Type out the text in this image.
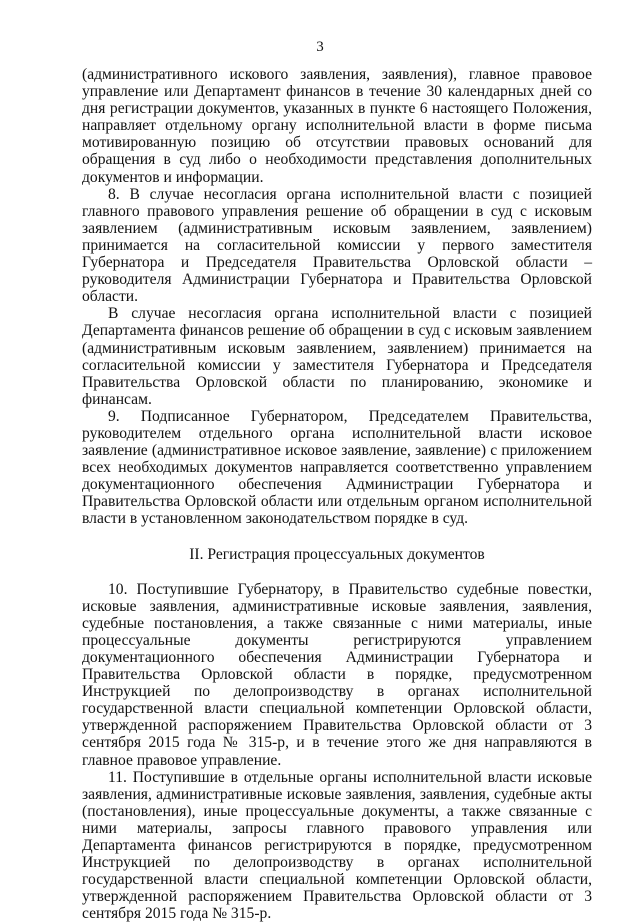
3

(административного искового заявления, заявления), главное правовое управление или Департамент финансов в течение 30 календарных дней со дня регистрации документов, указанных в пункте 6 настоящего Положения, направляет отдельному органу исполнительной власти в форме письма мотивированную позицию об отсутствии правовых оснований для обращения в суд либо о необходимости представления дополнительных документов и информации.

8. В случае несогласия органа исполнительной власти с позицией главного правового управления решение об обращении в суд с исковым заявлением (административным исковым заявлением, заявлением) принимается на согласительной комиссии у первого заместителя Губернатора и Председателя Правительства Орловской области – руководителя Администрации Губернатора и Правительства Орловской области.

В случае несогласия органа исполнительной власти с позицией Департамента финансов решение об обращении в суд с исковым заявлением (административным исковым заявлением, заявлением) принимается на согласительной комиссии у заместителя Губернатора и Председателя Правительства Орловской области по планированию, экономике и финансам.

9. Подписанное Губернатором, Председателем Правительства, руководителем отдельного органа исполнительной власти исковое заявление (административное исковое заявление, заявление) с приложением всех необходимых документов направляется соответственно управлением документационного обеспечения Администрации Губернатора и Правительства Орловской области или отдельным органом исполнительной власти в установленном законодательством порядке в суд.

II. Регистрация процессуальных документов

10. Поступившие Губернатору, в Правительство судебные повестки, исковые заявления, административные исковые заявления, заявления, судебные постановления, а также связанные с ними материалы, иные процессуальные документы регистрируются управлением документационного обеспечения Администрации Губернатора и Правительства Орловской области в порядке, предусмотренном Инструкцией по делопроизводству в органах исполнительной государственной власти специальной компетенции Орловской области, утвержденной распоряжением Правительства Орловской области от 3 сентября 2015 года № 315-р, и в течение этого же дня направляются в главное правовое управление.

11. Поступившие в отдельные органы исполнительной власти исковые заявления, административные исковые заявления, заявления, судебные акты (постановления), иные процессуальные документы, а также связанные с ними материалы, запросы главного правового управления или Департамента финансов регистрируются в порядке, предусмотренном Инструкцией по делопроизводству в органах исполнительной государственной власти специальной компетенции Орловской области, утвержденной распоряжением Правительства Орловской области от 3 сентября 2015 года № 315-р.
